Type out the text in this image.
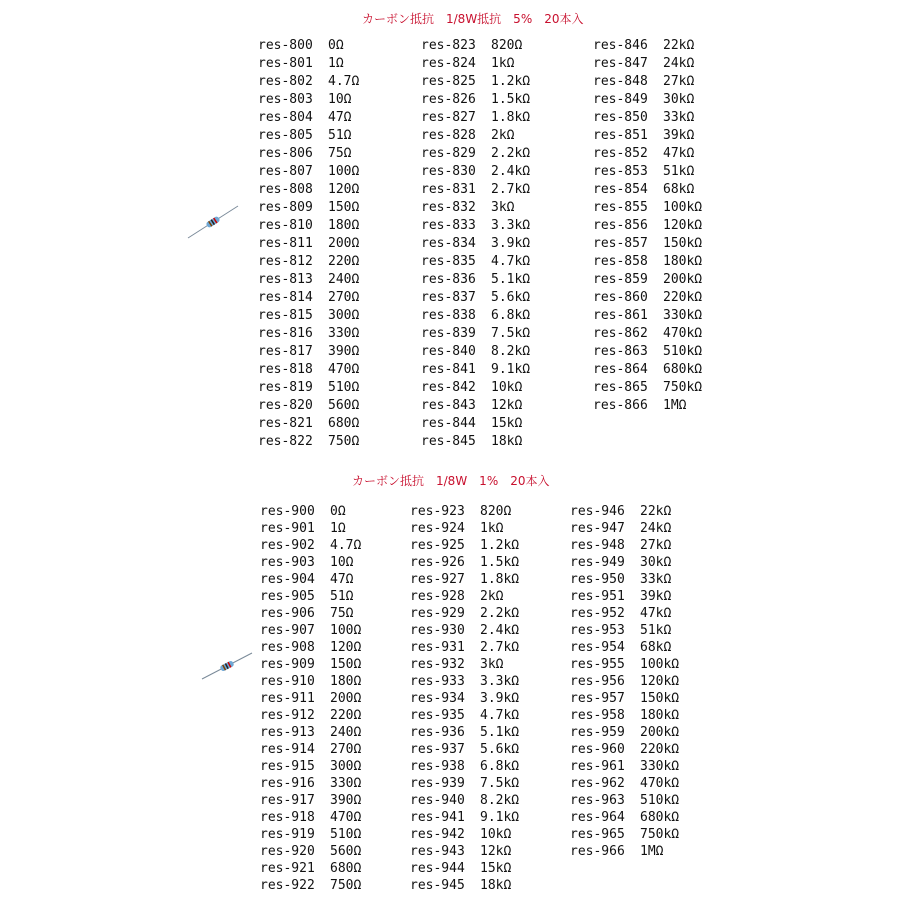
カーボン抵抗　1/8W抵抗　5%　20本入
res-800	0Ω
res-801	1Ω
res-802	4.7Ω
res-803	10Ω
res-804	47Ω
res-805	51Ω
res-806	75Ω
res-807	100Ω
res-808	120Ω
res-809	150Ω
res-810	180Ω
res-811	200Ω
res-812	220Ω
res-813	240Ω
res-814	270Ω
res-815	300Ω
res-816	330Ω
res-817	390Ω
res-818	470Ω
res-819	510Ω
res-820	560Ω
res-821	680Ω
res-822	750Ω
res-823	820Ω
res-824	1kΩ
res-825	1.2kΩ
res-826	1.5kΩ
res-827	1.8kΩ
res-828	2kΩ
res-829	2.2kΩ
res-830	2.4kΩ
res-831	2.7kΩ
res-832	3kΩ
res-833	3.3kΩ
res-834	3.9kΩ
res-835	4.7kΩ
res-836	5.1kΩ
res-837	5.6kΩ
res-838	6.8kΩ
res-839	7.5kΩ
res-840	8.2kΩ
res-841	9.1kΩ
res-842	10kΩ
res-843	12kΩ
res-844	15kΩ
res-845	18kΩ
res-846	22kΩ
res-847	24kΩ
res-848	27kΩ
res-849	30kΩ
res-850	33kΩ
res-851	39kΩ
res-852	47kΩ
res-853	51kΩ
res-854	68kΩ
res-855	100kΩ
res-856	120kΩ
res-857	150kΩ
res-858	180kΩ
res-859	200kΩ
res-860	220kΩ
res-861	330kΩ
res-862	470kΩ
res-863	510kΩ
res-864	680kΩ
res-865	750kΩ
res-866	1MΩ
カーボン抵抗　1/8W　1%　20本入
res-900	0Ω
res-901	1Ω
res-902	4.7Ω
res-903	10Ω
res-904	47Ω
res-905	51Ω
res-906	75Ω
res-907	100Ω
res-908	120Ω
res-909	150Ω
res-910	180Ω
res-911	200Ω
res-912	220Ω
res-913	240Ω
res-914	270Ω
res-915	300Ω
res-916	330Ω
res-917	390Ω
res-918	470Ω
res-919	510Ω
res-920	560Ω
res-921	680Ω
res-922	750Ω
res-923	820Ω
res-924	1kΩ
res-925	1.2kΩ
res-926	1.5kΩ
res-927	1.8kΩ
res-928	2kΩ
res-929	2.2kΩ
res-930	2.4kΩ
res-931	2.7kΩ
res-932	3kΩ
res-933	3.3kΩ
res-934	3.9kΩ
res-935	4.7kΩ
res-936	5.1kΩ
res-937	5.6kΩ
res-938	6.8kΩ
res-939	7.5kΩ
res-940	8.2kΩ
res-941	9.1kΩ
res-942	10kΩ
res-943	12kΩ
res-944	15kΩ
res-945	18kΩ
res-946	22kΩ
res-947	24kΩ
res-948	27kΩ
res-949	30kΩ
res-950	33kΩ
res-951	39kΩ
res-952	47kΩ
res-953	51kΩ
res-954	68kΩ
res-955	100kΩ
res-956	120kΩ
res-957	150kΩ
res-958	180kΩ
res-959	200kΩ
res-960	220kΩ
res-961	330kΩ
res-962	470kΩ
res-963	510kΩ
res-964	680kΩ
res-965	750kΩ
res-966	1MΩ
